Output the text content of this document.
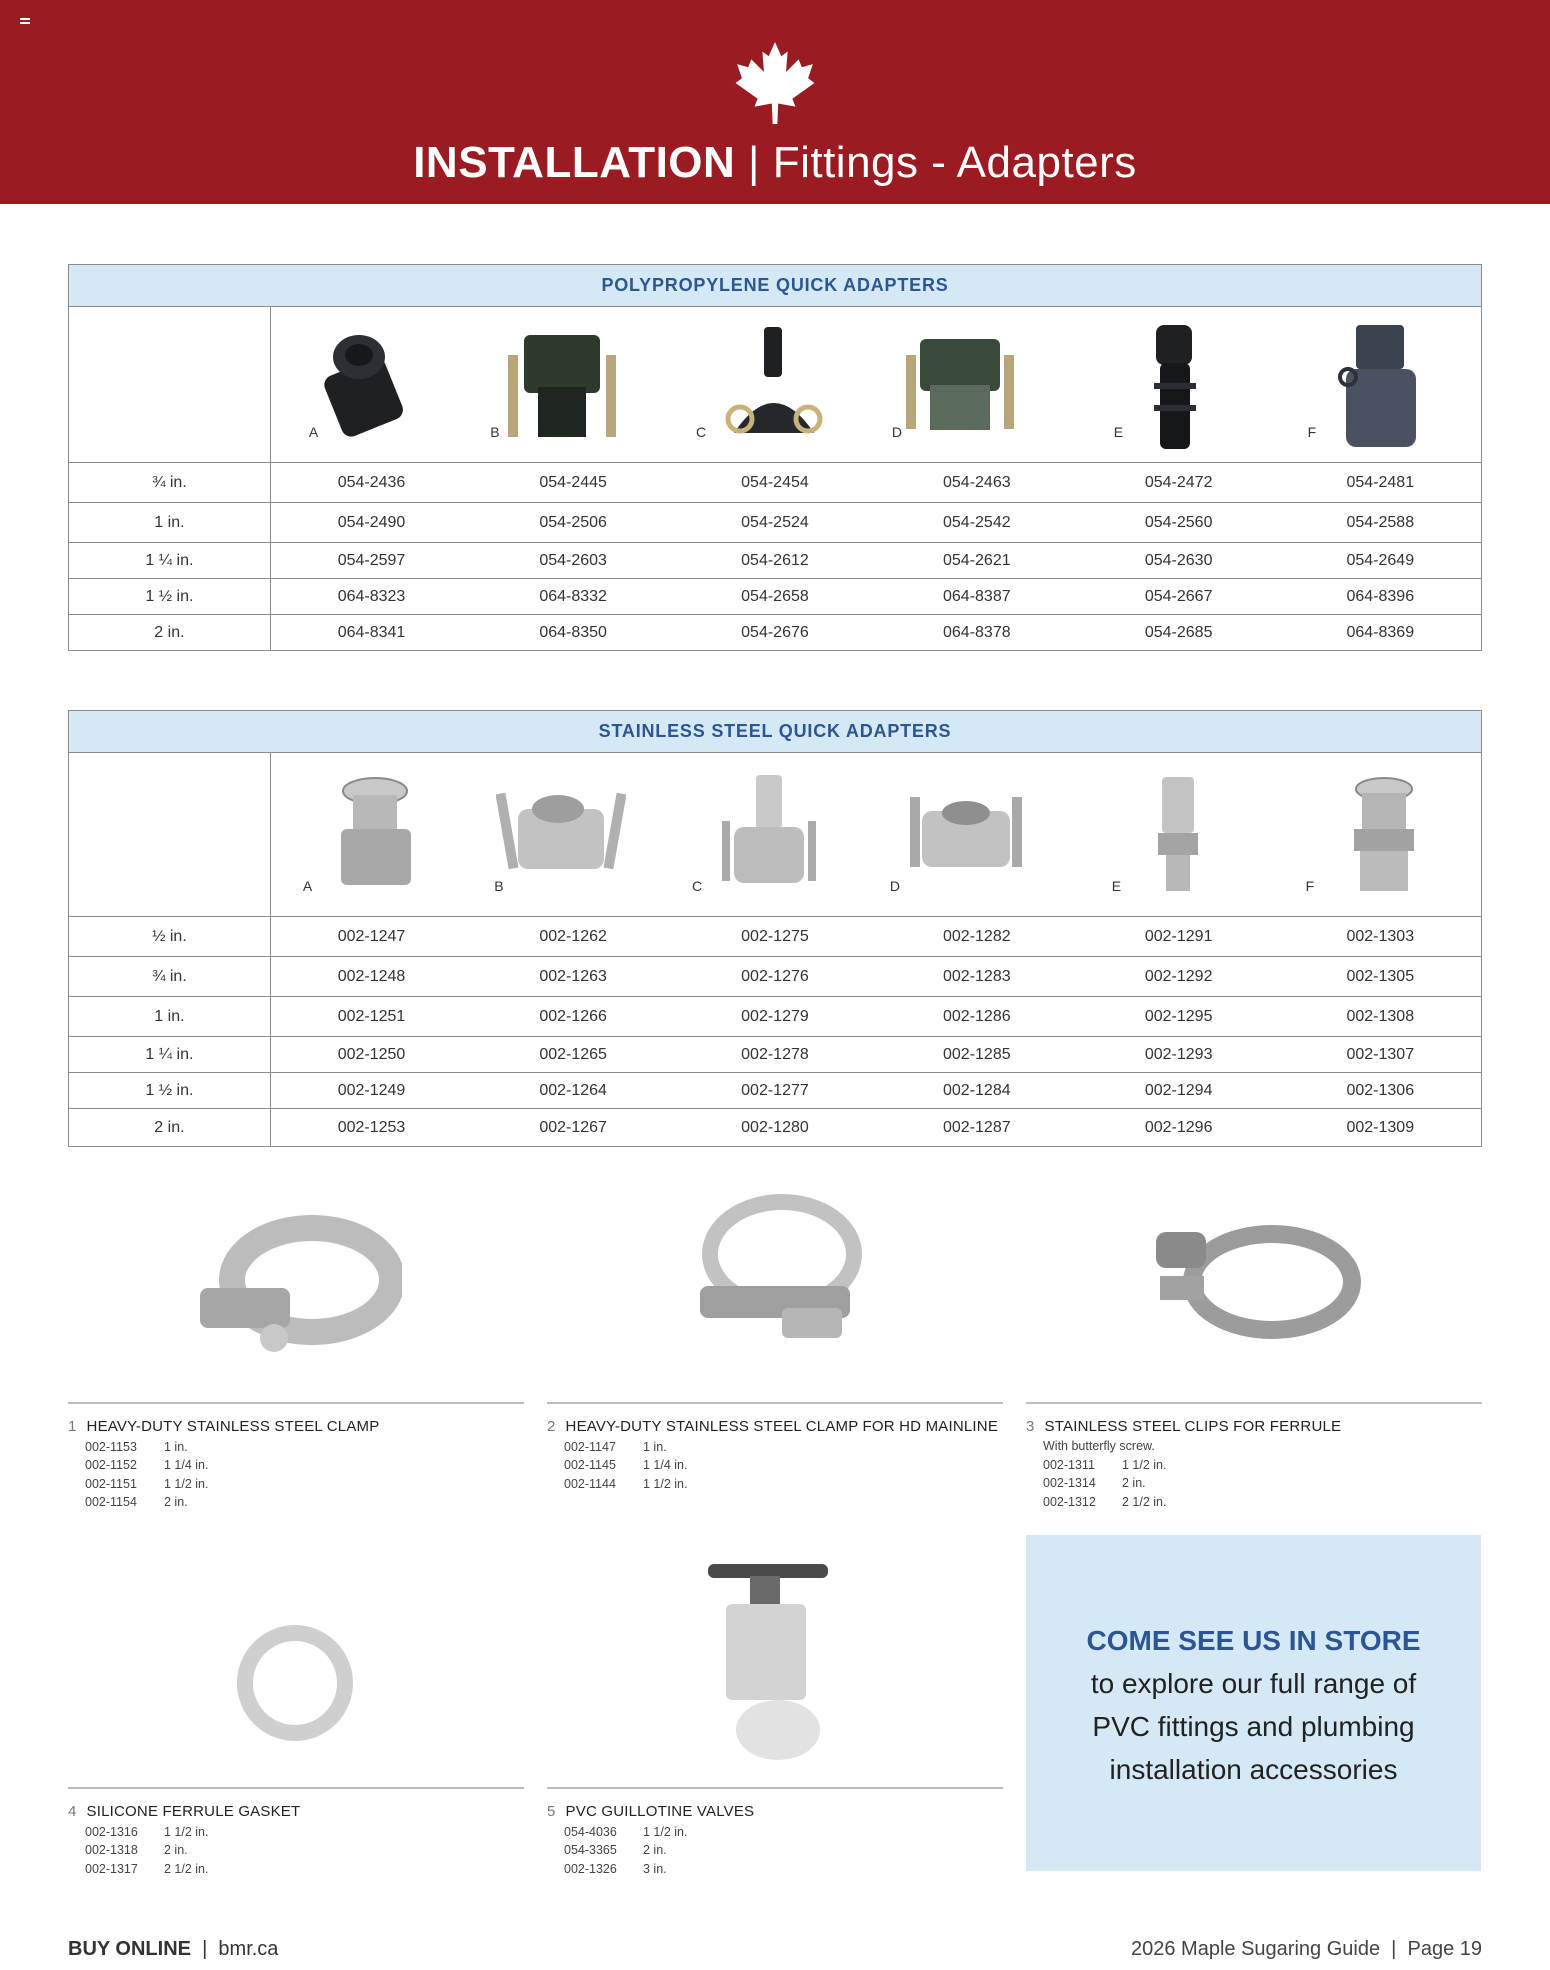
INSTALLATION | Fittings - Adapters
POLYPROPYLENE QUICK ADAPTERS						

	A	B	C	D	E	F

¾ in.	054-2436	054-2445	054-2454	054-2463	054-2472	054-2481
1 in.	054-2490	054-2506	054-2524	054-2542	054-2560	054-2588
1 ¼ in.	054-2597	054-2603	054-2612	054-2621	054-2630	054-2649
1 ½ in.	064-8323	064-8332	054-2658	064-8387	054-2667	064-8396
2 in.	064-8341	064-8350	054-2676	064-8378	054-2685	064-8369
STAINLESS STEEL QUICK ADAPTERS						

	A	B	C	D	E	F

½ in.	002-1247	002-1262	002-1275	002-1282	002-1291	002-1303
¾ in.	002-1248	002-1263	002-1276	002-1283	002-1292	002-1305
1 in.	002-1251	002-1266	002-1279	002-1286	002-1295	002-1308
1 ¼ in.	002-1250	002-1265	002-1278	002-1285	002-1293	002-1307
1 ½ in.	002-1249	002-1264	002-1277	002-1284	002-1294	002-1306
2 in.	002-1253	002-1267	002-1280	002-1287	002-1296	002-1309
1 HEAVY-DUTY STAINLESS STEEL CLAMP
002-1153 1 in.
002-1152 1 1/4 in.
002-1151 1 1/2 in.
002-1154 2 in.
2 HEAVY-DUTY STAINLESS STEEL CLAMP FOR HD MAINLINE
002-1147 1 in.
002-1145 1 1/4 in.
002-1144 1 1/2 in.
3 STAINLESS STEEL CLIPS FOR FERRULE
With butterfly screw.
002-1311 1 1/2 in.
002-1314 2 in.
002-1312 2 1/2 in.
4 SILICONE FERRULE GASKET
002-1316 1 1/2 in.
002-1318 2 in.
002-1317 2 1/2 in.
5 PVC GUILLOTINE VALVES
054-4036 1 1/2 in.
054-3365 2 in.
002-1326 3 in.
COME SEE US IN STORE
to explore our full range of
PVC fittings and plumbing
installation accessories
BUY ONLINE  |  bmr.ca	2026 Maple Sugaring Guide  |  Page 19
